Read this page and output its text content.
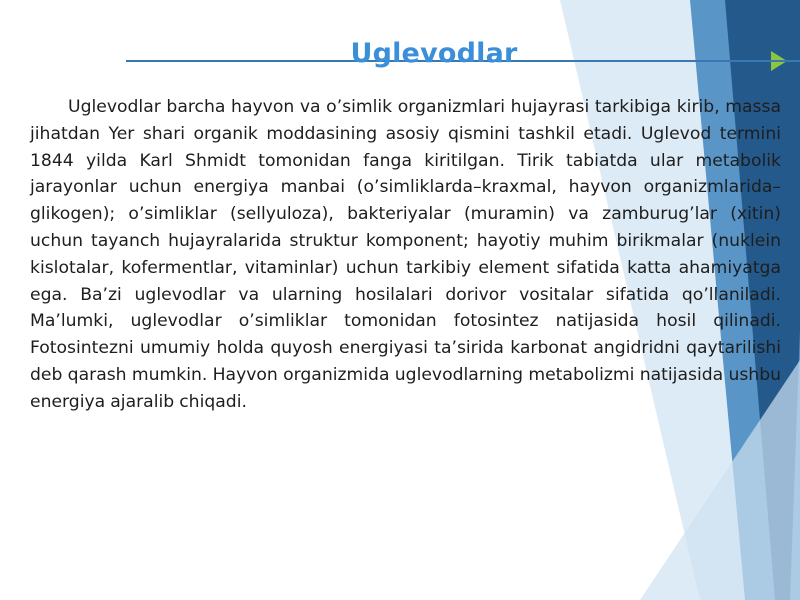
Uglevodlar

Uglevodlar barcha hayvon va o’simlik organizmlari hujayrasi tarkibiga kirib, massa jihatdan Yer shari organik moddasining asosiy qismini tashkil etadi. Uglevod termini 1844 yilda Karl Shmidt tomonidan fanga kiritilgan. Tirik tabiatda ular metabolik jarayonlar uchun energiya manbai (o’simliklarda–kraxmal, hayvon organizmlarida–glikogen); o’simliklar (sellyuloza), bakteriyalar (muramin) va zamburug’lar (xitin) uchun tayanch hujayralarida struktur komponent; hayotiy muhim birikmalar (nuklein kislotalar, kofermentlar, vitaminlar) uchun tarkibiy element sifatida katta ahamiyatga ega. Ba’zi uglevodlar va ularning hosilalari dorivor vositalar sifatida qo’llaniladi. Ma’lumki, uglevodlar o’simliklar tomonidan fotosintez natijasida hosil qilinadi. Fotosintezni umumiy holda quyosh energiyasi ta’sirida karbonat angidridni qaytarilishi deb qarash mumkin. Hayvon organizmida uglevodlarning metabolizmi natijasida ushbu energiya ajaralib chiqadi.
